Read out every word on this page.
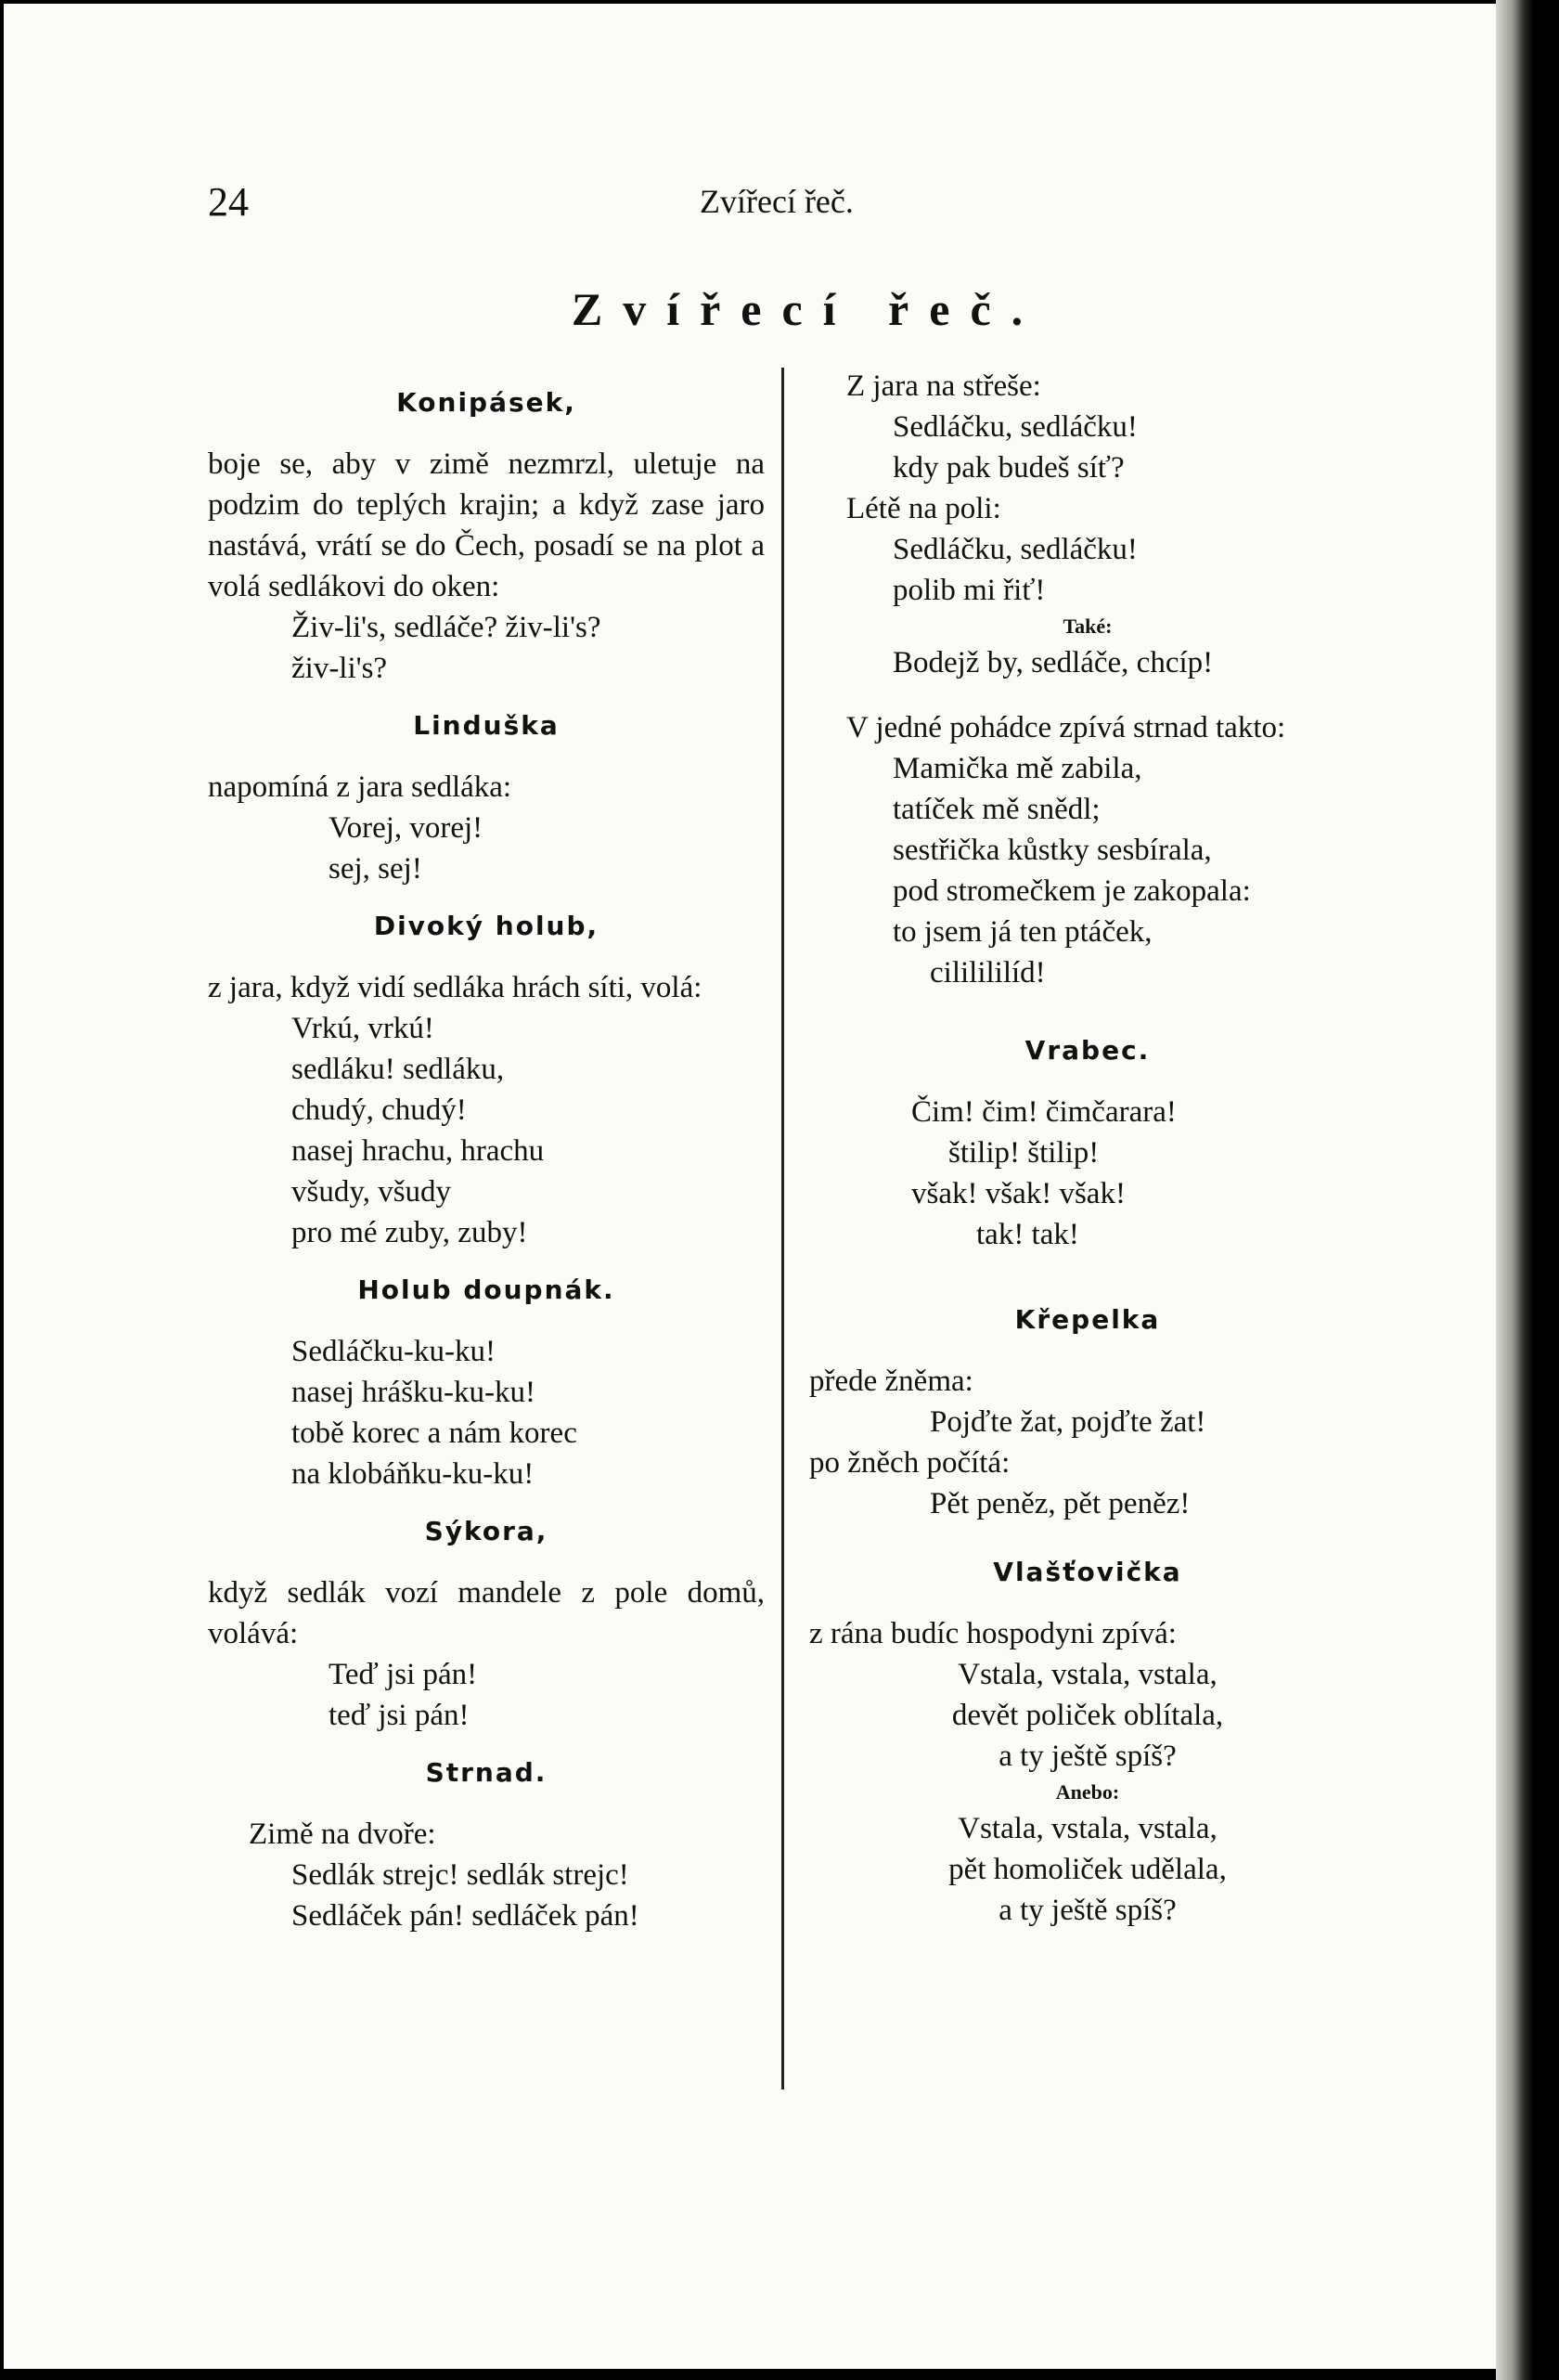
24	Zvířecí řeč.
Zvířecí řeč.
Konipásek,
boje se, aby v zimě nezmrzl, uletuje na podzim do teplých krajin; a když zase jaro nastává, vrátí se do Čech, posadí se na plot a volá sedlákovi do oken:
Živ-li's, sedláče? živ-li's?
živ-li's?
Linduška
napomíná z jara sedláka:
Vorej, vorej!
sej, sej!
Divoký holub,
z jara, když vidí sedláka hrách síti, volá:
Vrkú, vrkú!
sedláku! sedláku,
chudý, chudý!
nasej hrachu, hrachu
všudy, všudy
pro mé zuby, zuby!
Holub doupnák.
Sedláčku-ku-ku!
nasej hrášku-ku-ku!
tobě korec a nám korec
na klobáňku-ku-ku!
Sýkora,
když sedlák vozí mandele z pole domů, volává:
Teď jsi pán!
teď jsi pán!
Strnad.
Zimě na dvoře:
Sedlák strejc! sedlák strejc!
Sedláček pán! sedláček pán!
Z jara na střeše:
Sedláčku, sedláčku!
kdy pak budeš síť?
Létě na poli:
Sedláčku, sedláčku!
polib mi řiť!
Také:
Bodejž by, sedláče, chcíp!
V jedné pohádce zpívá strnad takto:
Mamička mě zabila,
tatíček mě snědl;
sestřička kůstky sesbírala,
pod stromečkem je zakopala:
to jsem já ten ptáček,
cililililíd!
Vrabec.
Čim! čim! čimčarara!
štilip! štilip!
však! však! však!
tak! tak!
Křepelka
přede žněma:
Pojďte žat, pojďte žat!
po žněch počítá:
Pět peněz, pět peněz!
Vlašťovička
z rána budíc hospodyni zpívá:
Vstala, vstala, vstala,
devět poliček oblítala,
a ty ještě spíš?
Anebo:
Vstala, vstala, vstala,
pět homoliček udělala,
a ty ještě spíš?
